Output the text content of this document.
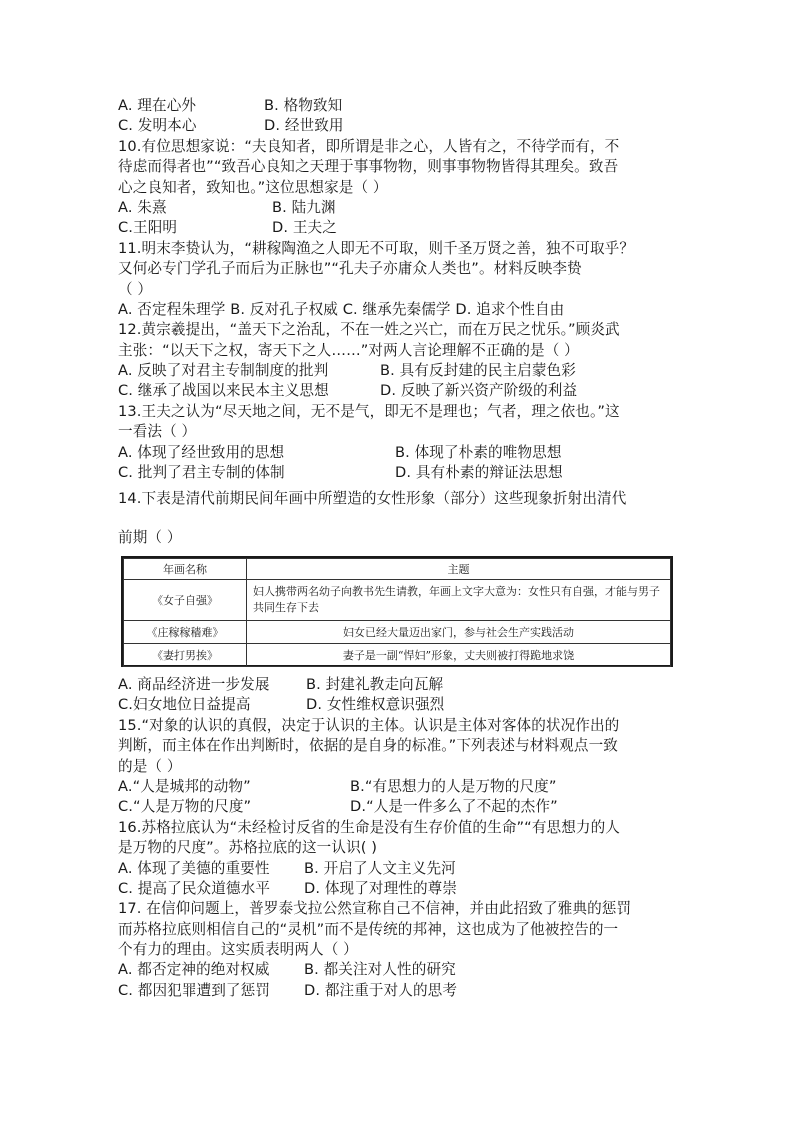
A. 理在心外	B. 格物致知
C. 发明本心	D. 经世致用
10.有位思想家说：“夫良知者，即所谓是非之心，人皆有之，不待学而有，不
待虑而得者也”“致吾心良知之天理于事事物物，则事事物物皆得其理矣。致吾
心之良知者，致知也。”这位思想家是（ ）
A. 朱熹	B. 陆九渊
C.王阳明	D. 王夫之
11.明末李贽认为，“耕稼陶渔之人即无不可取，则千圣万贤之善，独不可取乎？
又何必专门学孔子而后为正脉也”“孔夫子亦庸众人类也”。材料反映李贽
（ ）
A. 否定程朱理学 B. 反对孔子权威 C. 继承先秦儒学 D. 追求个性自由
12.黄宗羲提出，“盖天下之治乱，不在一姓之兴亡，而在万民之忧乐。”顾炎武
主张：“以天下之权，寄天下之人……”对两人言论理解不正确的是（ ）
A. 反映了对君主专制制度的批判	B. 具有反封建的民主启蒙色彩
C. 继承了战国以来民本主义思想	D. 反映了新兴资产阶级的利益
13.王夫之认为“尽天地之间，无不是气，即无不是理也；气者，理之依也。”这
一看法（ ）
A. 体现了经世致用的思想	B. 体现了朴素的唯物思想
C. 批判了君主专制的体制	D. 具有朴素的辩证法思想
14.下表是清代前期民间年画中所塑造的女性形象（部分）这些现象折射出清代
前期（ ）
年画名称	主题
《女子自强》	妇人携带两名幼子向教书先生请教，年画上文字大意为：女性只有自强，才能与男子共同生存下去
《庄稼稼穑难》	妇女已经大量迈出家门，参与社会生产实践活动
《妻打男挨》	妻子是一副“悍妇”形象，丈夫则被打得跪地求饶
A. 商品经济进一步发展	B. 封建礼教走向瓦解
C.妇女地位日益提高	D. 女性维权意识强烈
15.“对象的认识的真假，决定于认识的主体。认识是主体对客体的状况作出的
判断，而主体在作出判断时，依据的是自身的标准。”下列表述与材料观点一致
的是（ ）
A.“人是城邦的动物”	B.“有思想力的人是万物的尺度”
C.“人是万物的尺度”	D.“人是一件多么了不起的杰作”
16.苏格拉底认为“未经检讨反省的生命是没有生存价值的生命”“有思想力的人
是万物的尺度”。苏格拉底的这一认识( )
A. 体现了美德的重要性	B. 开启了人文主义先河
C. 提高了民众道德水平	D. 体现了对理性的尊崇
17. 在信仰问题上，普罗泰戈拉公然宣称自己不信神，并由此招致了雅典的惩罚
而苏格拉底则相信自己的“灵机”而不是传统的邦神，这也成为了他被控告的一
个有力的理由。这实质表明两人（ ）
A. 都否定神的绝对权威	B. 都关注对人性的研究
C. 都因犯罪遭到了惩罚	D. 都注重于对人的思考
